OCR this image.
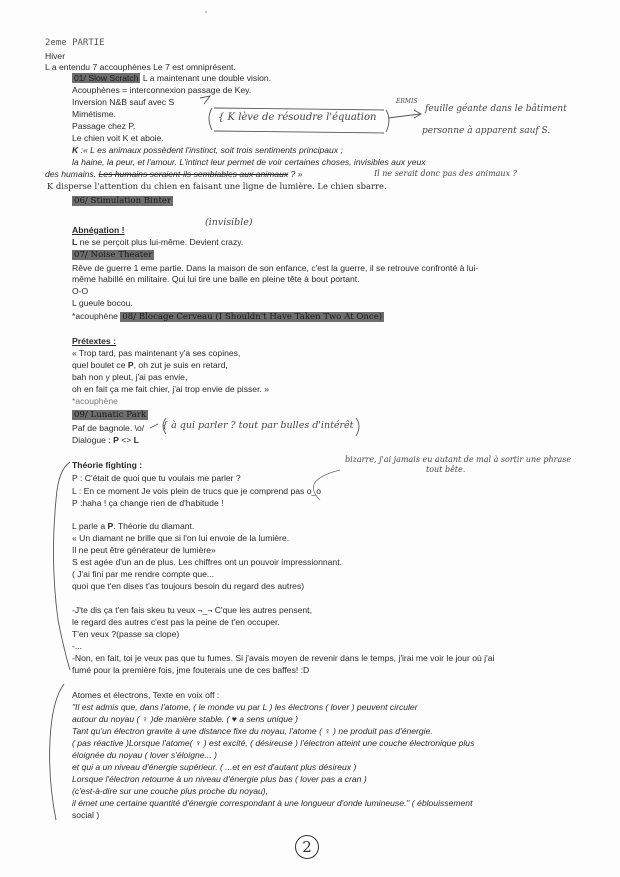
2eme PARTIE
Hiver
L a entendu 7 accouphènes Le 7 est omniprésent.
01/ Slow Scratch L a maintenant une double vision.
Acouphènes = interconnexion passage de Key.
Inversion N&B sauf avec S
Mimétisme.
Passage chez P.
Le chien voit K et aboie.
K :« L es animaux possèdent l'instinct, soit trois sentiments principaux ;
la haine, la peur, et l'amour. L'intinct leur permet de voir certaines choses, invisibles aux yeux
des humains. Les humains seraient-ils semblables aux animaux ? »
K disperse l'attention du chien en faisant une ligne de lumière. Le chien sbarre.
06/ Stimulation Binter
Abnégation !
L ne se perçoit plus lui-même. Devient crazy.
07/ Noise Theater
Rêve de guerre 1 eme partie. Dans la maison de son enfance, c'est la guerre, il se retrouve confronté à lui-
même habillé en militaire. Qui lui tire une balle en pleine tête à bout portant.
O-O
L gueule bocou.
*acouphène 08/ Blocage Cerveau (I Shouldn't Have Taken Two At Once)
Prétextes :
« Trop tard, pas maintenant y'a ses copines,
quel boulet ce P, oh zut je suis en retard,
bah non y pleut, j'ai pas envie,
oh en fait ça me fait chier, j'ai trop envie de pisser. »
*acouphène
09/ Lunatic Park
Paf de bagnole. \o/
Dialogue : P <> L
Théorie fighting :
P : C'était de quoi que tu voulais me parler ?
L : En ce moment Je vois plein de trucs que je comprend pas o_o
P :haha ! ça change rien de d'habitude !
L parle a P. Théorie du diamant.
« Un diamant ne brille que si l'on lui envoie de la lumière.
Il ne peut être générateur de lumière»
S est agée d'un an de plus. Les chiffres ont un pouvoir impressionnant.
( J'ai fini par me rendre compte que...
quoi que t'en dises t'as toujours besoin du regard des autres)
-J'te dis ça t'en fais skeu tu veux ¬_¬ C'que les autres pensent,
le regard des autres c'est pas la peine de t'en occuper.
T'en veux ?(passe sa clope)
-...
-Non, en fait, toi je veux pas que tu fumes. Si j'avais moyen de revenir dans le temps, j'irai me voir le jour où j'ai
fumé pour la première fois, jme fouterais une de ces baffes! :D
Atomes et électrons, Texte en voix off :
"Il est admis que, dans l'atome, ( le monde vu par L ) les électrons ( lover ) peuvent circuler
autour du noyau ( ♀ )de manière stable. ( ♥ a sens unique )
Tant qu'un électron gravite à une distance fixe du noyau, l'atome ( ♀ ) ne produit pas d'énergie.
( pas réactive )Lorsque l'atome( ♀ ) est excité, ( désireuse ) l'électron atteint une couche électronique plus
éloignée du noyau ( lover s'éloigne... )
et qui a un niveau d'énergie supérieur. ( ...et en est d'autant plus désireux )
Lorsque l'électron retourne à un niveau d'énergie plus bas ( lover pas a cran )
(c'est-à-dire sur une couche plus proche du noyau),
il émet une certaine quantité d'énergie correspondant à une longueur d'onde lumineuse." ( éblouissement
social )
{ K lève de résoudre l'équation
ERMIS
feuille géante dans le bâtiment
personne à apparent sauf S.
Il ne serait donc pas des animaux ?
(invisible)
{ à qui parler ? tout par bulles d'intérêt
bizarre, j'ai jamais eu autant de mal à sortir une phrase
tout bête.
2
